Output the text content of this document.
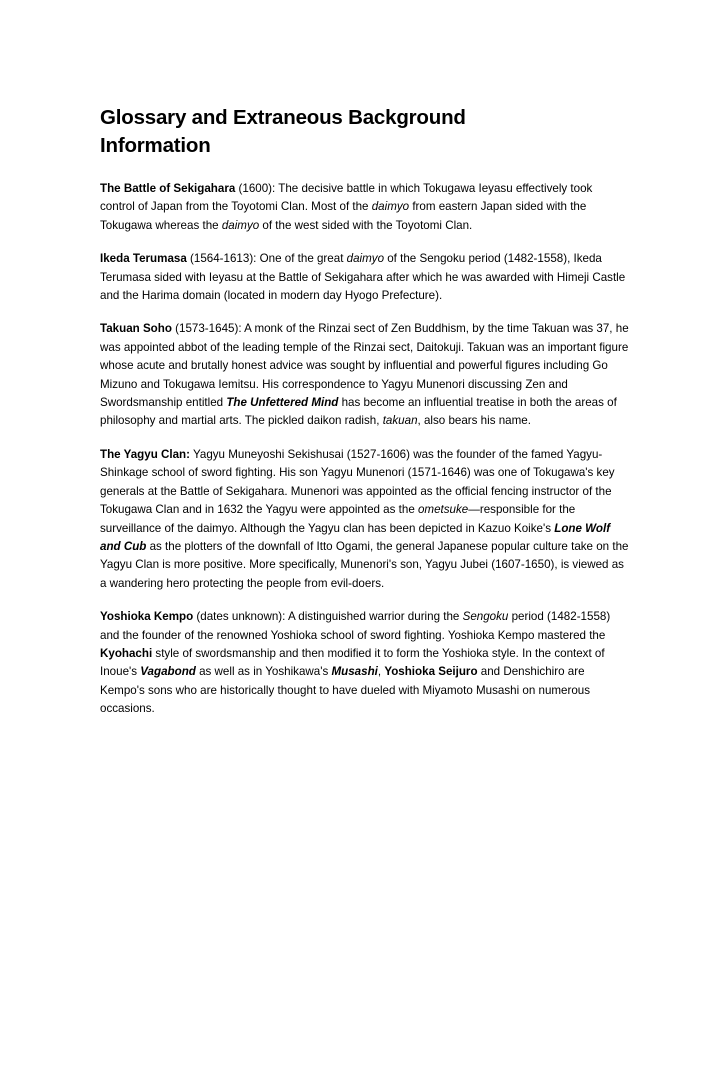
Glossary and Extraneous Background Information

The Battle of Sekigahara (1600): The decisive battle in which Tokugawa Ieyasu effectively took control of Japan from the Toyotomi Clan. Most of the daimyo from eastern Japan sided with the Tokugawa whereas the daimyo of the west sided with the Toyotomi Clan.

Ikeda Terumasa (1564-1613): One of the great daimyo of the Sengoku period (1482-1558), Ikeda Terumasa sided with Ieyasu at the Battle of Sekigahara after which he was awarded with Himeji Castle and the Harima domain (located in modern day Hyogo Prefecture).

Takuan Soho (1573-1645): A monk of the Rinzai sect of Zen Buddhism, by the time Takuan was 37, he was appointed abbot of the leading temple of the Rinzai sect, Daitokuji. Takuan was an important figure whose acute and brutally honest advice was sought by influential and powerful figures including Go Mizuno and Tokugawa Iemitsu. His correspondence to Yagyu Munenori discussing Zen and Swordsmanship entitled The Unfettered Mind has become an influential treatise in both the areas of philosophy and martial arts. The pickled daikon radish, takuan, also bears his name.

The Yagyu Clan: Yagyu Muneyoshi Sekishusai (1527-1606) was the founder of the famed Yagyu-Shinkage school of sword fighting. His son Yagyu Munenori (1571-1646) was one of Tokugawa's key generals at the Battle of Sekigahara. Munenori was appointed as the official fencing instructor of the Tokugawa Clan and in 1632 the Yagyu were appointed as the ometsuke—responsible for the surveillance of the daimyo. Although the Yagyu clan has been depicted in Kazuo Koike's Lone Wolf and Cub as the plotters of the downfall of Itto Ogami, the general Japanese popular culture take on the Yagyu Clan is more positive. More specifically, Munenori's son, Yagyu Jubei (1607-1650), is viewed as a wandering hero protecting the people from evil-doers.

Yoshioka Kempo (dates unknown): A distinguished warrior during the Sengoku period (1482-1558) and the founder of the renowned Yoshioka school of sword fighting. Yoshioka Kempo mastered the Kyohachi style of swordsmanship and then modified it to form the Yoshioka style. In the context of Inoue's Vagabond as well as in Yoshikawa's Musashi, Yoshioka Seijuro and Denshichiro are Kempo's sons who are historically thought to have dueled with Miyamoto Musashi on numerous occasions.
